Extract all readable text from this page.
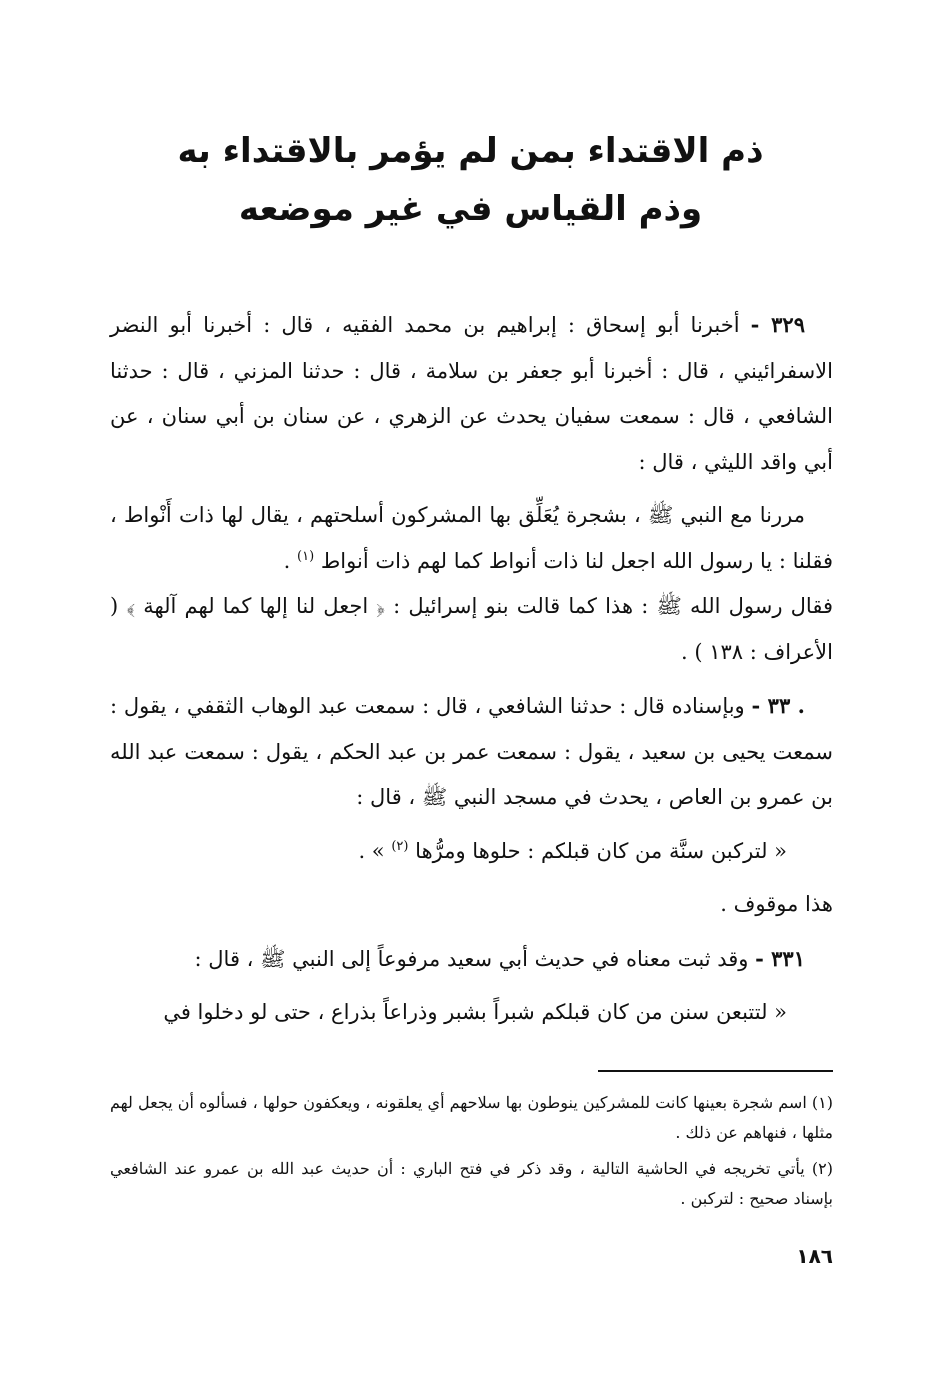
ذم الاقتداء بمن لم يؤمر بالاقتداء به
وذم القياس في غير موضعه

٣٢٩ - أخبرنا أبو إسحاق : إبراهيم بن محمد الفقيه ، قال : أخبرنا أبو النضر الاسفرائيني ، قال : أخبرنا أبو جعفر بن سلامة ، قال : حدثنا المزني ، قال : حدثنا الشافعي ، قال : سمعت سفيان يحدث عن الزهري ، عن سنان بن أبي سنان ، عن أبي واقد الليثي ، قال :

مررنا مع النبي ﷺ ، بشجرة يُعَلِّق بها المشركون أسلحتهم ، يقال لها ذات أَنْواط ، فقلنا : يا رسول الله اجعل لنا ذات أنواط كما لهم ذات أنواط $^{(١)}$ .
فقال رسول الله ﷺ : هذا كما قالت بنو إسرائيل : ﴿ اجعل لنا إلها كما لهم آلهة ﴾ ( الأعراف : ١٣٨ ) .

. ٣٣ - وبإسناده قال : حدثنا الشافعي ، قال : سمعت عبد الوهاب الثقفي ، يقول : سمعت يحيى بن سعيد ، يقول : سمعت عمر بن عبد الحكم ، يقول : سمعت عبد الله بن عمرو بن العاص ، يحدث في مسجد النبي ﷺ ، قال :

« لتركبن سنَّة من كان قبلكم : حلوها ومرُّها $^{(٢)}$ » .

هذا موقوف .

٣٣١ - وقد ثبت معناه في حديث أبي سعيد مرفوعاً إلى النبي ﷺ ، قال :

« لتتبعن سنن من كان قبلكم شبراً بشبر وذراعاً بذراع ، حتى لو دخلوا في

(١) اسم شجرة بعينها كانت للمشركين ينوطون بها سلاحهم أي يعلقونه ، ويعكفون حولها ، فسألوه أن يجعل لهم مثلها ، فنهاهم عن ذلك .

(٢) يأتي تخريجه في الحاشية التالية ، وقد ذكر في فتح الباري : أن حديث عبد الله بن عمرو عند الشافعي بإسناد صحيح : لتركبن .

١٨٦
